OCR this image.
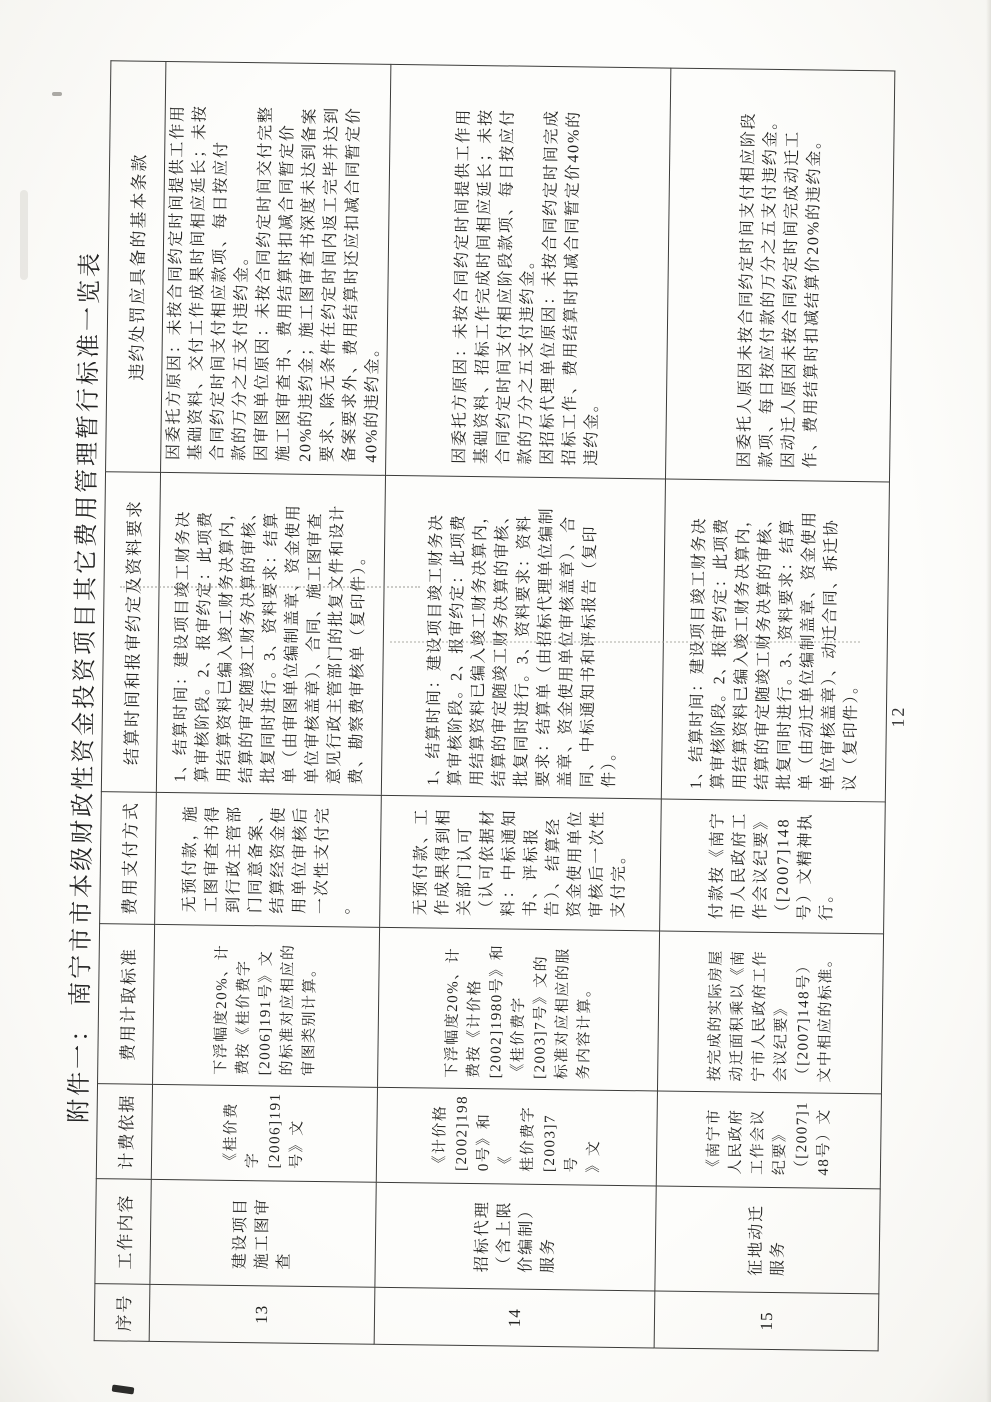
附件一： 南宁市市本级财政性资金投资项目其它费用管理暂行标准一览表
序号	工作内容	计费依据	费用计取标准	费用支付方式	结算时间和报审约定及资料要求	违约处罚应具备的基本条款
13	建设项目
施工图审
查	《桂价费
字
[2006]191
号》文	下浮幅度20%、计
费按《桂价费字
[2006]191号》文
的标准对应相应的
审图类别计算。	无预付款，施
工图审查书得
到行政主管部
门同意备案、
结算经资金使
用单位审核后
一次性支付完
。	1、结算时间：建设项目竣工财务决
算审核阶段。2、报审约定：此项费
用结算资料已编入竣工财务决算内，
结算的审定随竣工财务决算的审核、
批复同时进行。3、资料要求：结算
单（由审图单位编制盖章、资金使用
单位审核盖章）、合同、施工图审查
意见行政主管部门的批复文件和设计
费、勘察费审核单（复印件）。	因委托方原因：未按合同约定时间提供工作用
基础资料、交付工作成果时间相应延长；未按
合同约定时间支付相应款项、每日按应付
款的万分之五支付违约金。
因审图单位原因：未按合同约定时间交付完整
施工图审查书、费用结算时扣减合同暂定价
20%的违约金；施工图审查书深度未达到备案
要求、除无条件在约定时间内返工完毕并达到
备案要求外、费用结算时还应扣减合同暂定价
40%的违约金。
14	招标代理
（含上限
价编制）
服务	《计价格
[2002]198
0号》和《
桂价费字
[2003]7号
》文	下浮幅度20%、计
费按《计价格
[2002]1980号》和
《桂价费字
[2003]7号》文的
标准对应相应的服
务内容计算。	无预付款、工
作成果得到相
关部门认可
（认可依据材
料：中标通知
书、评标报
告）、结算经
资金使用单位
审核后一次性
支付完。	1、结算时间：建设项目竣工财务决
算审核阶段。2、报审约定：此项费
用结算资料已编入竣工财务决算内，
结算的审定随竣工财务决算的审核、
批复同时进行。3、资料要求：资料
要求：结算单（由招标代理单位编制
盖章、资金使用单位审核盖章）、合
同、中标通知书和评标报告（复印
件）。	因委托方原因：未按合同约定时间提供工作用
基础资料、招标工作完成时间相应延长；未按
合同约定时间支付相应阶段款项、每日按应付
款的万分之五支付违约金。
因招标代理单位原因：未按合同约定时间完成
招标工作、费用结算时扣减合同暂定价40%的
违约金。
15	征地动迁
服务	《南宁市
人民政府
工作会议
纪要》
（[2007]1
48号）文	按完成的实际房屋
动迁面积乘以《南
宁市人民政府工作
会议纪要》
（[2007]148号）
文中相应的标准。	付款按《南宁
市人民政府工
作会议纪要》
（[2007]148
号）文精神执
行。	1、结算时间：建设项目竣工财务决
算审核阶段。2、报审约定：此项费
用结算资料已编入竣工财务决算内，
结算的审定随竣工财务决算的审核、
批复同时进行。3、资料要求：结算
单（由动迁单位编制盖章、资金使用
单位审核盖章）、动迁合同、拆迁协
议（复印件）。	因委托人原因未按合同约定时间支付相应阶段
款项、每日按应付款的万分之五支付违约金。
因动迁人原因未按合同约定时间完成动迁工
作、费用结算时扣减结算价20%的违约金。
12
